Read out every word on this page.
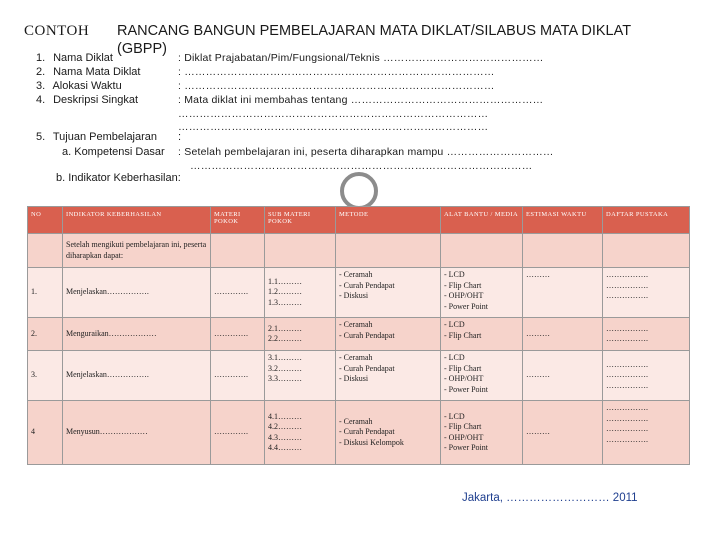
CONTOH RANCANG BANGUN PEMBELAJARAN MATA DIKLAT/SILABUS MATA DIKLAT
(GBPP)
1. Nama Diklat	: Diklat Prajabatan/Pim/Fungsional/Teknis ………………………………………
2. Nama Mata Diklat	: ……………………………………………………………………………
3. Alokasi Waktu	: ……………………………………………………………………………
4. Deskripsi Singkat	: Mata diklat ini membahas tentang ………………………………………………
……………………………………………………………………………
……………………………………………………………………………
5. Tujuan Pembelajaran :
a. Kompetensi Dasar : Setelah pembelajaran ini, peserta diharapkan mampu …………………………
……………………………………………………………………………………
b. Indikator Keberhasilan:
NO	INDIKATOR KEBERHASILAN	MATERI POKOK	SUB MATERI POKOK	METODE	ALAT BANTU / MEDIA	ESTIMASI WAKTU	DAFTAR PUSTAKA
	Setelah mengikuti pembelajaran ini, peserta diharapkan dapat:						
1.	Menjelaskan…………….	………….	1.1………
1.2………
1.3………	- Ceramah
- Curah Pendapat
- Diskusi	- LCD
- Flip Chart
- OHP/OHT
- Power Point	………	…………….
…………….
…………….

2.	Menguraikan………………	………….	2.1………
2.2………	- Ceramah
- Curah Pendapat	- LCD
- Flip Chart	………	…………….
…………….

3.	Menjelaskan…………….	………….	3.1………
3.2………
3.3………	- Ceramah
- Curah Pendapat
- Diskusi	- LCD
- Flip Chart
- OHP/OHT
- Power Point	………	…………….
…………….
…………….

4	Menyusun………………	………….	4.1………
4.2………
4.3………
4.4………	- Ceramah
- Curah Pendapat
- Diskusi Kelompok	- LCD
- Flip Chart
- OHP/OHT
- Power Point	………	…………….
…………….
…………….
…………….
Jakarta, ……………………… 2011
